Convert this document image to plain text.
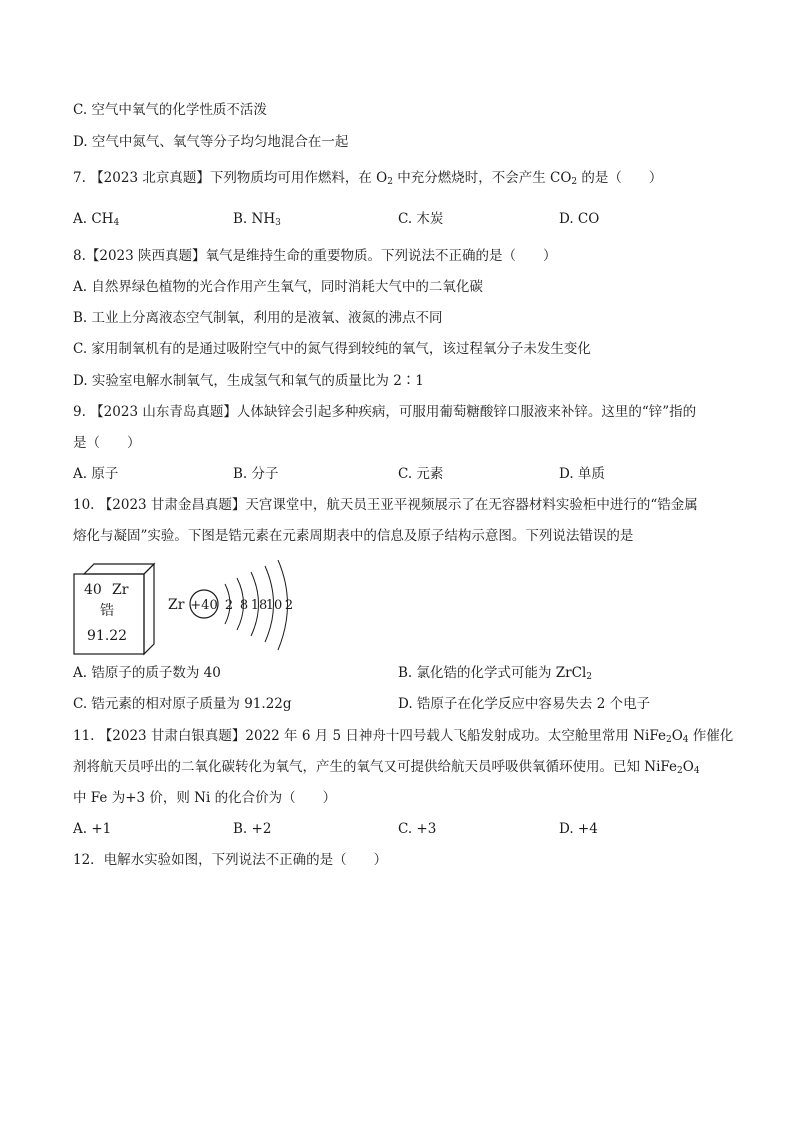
C. 空气中氧气的化学性质不活泼
D. 空气中氮气、氧气等分子均匀地混合在一起
7. 【2023 北京真题】下列物质均可用作燃料，在 $O_2$ 中充分燃烧时，不会产生 $CO_2$ 的是（　　）
A. $CH_4$	B. $NH_3$	C. 木炭	D. CO
8.【2023 陕西真题】氧气是维持生命的重要物质。下列说法不正确的是（　　）
A. 自然界绿色植物的光合作用产生氧气，同时消耗大气中的二氧化碳
B. 工业上分离液态空气制氧，利用的是液氧、液氮的沸点不同
C. 家用制氧机有的是通过吸附空气中的氮气得到较纯的氧气，该过程氧分子未发生变化
D. 实验室电解水制氧气，生成氢气和氧气的质量比为 2∶1
9. 【2023 山东青岛真题】人体缺锌会引起多种疾病，可服用葡萄糖酸锌口服液来补锌。这里的“锌”指的
是（　　）
A. 原子	B. 分子	C. 元素	D. 单质
10. 【2023 甘肃金昌真题】天宫课堂中，航天员王亚平视频展示了在无容器材料实验柜中进行的“锆金属
熔化与凝固”实验。下图是锆元素在元素周期表中的信息及原子结构示意图。下列说法错误的是
40 Zr
锆
91.22
Zr +40 2 8 18
10 2
A. 锆原子的质子数为 40	B. 氯化锆的化学式可能为 ZrCl$_2$
C. 锆元素的相对原子质量为 91.22g	D. 锆原子在化学反应中容易失去 2 个电子
11. 【2023 甘肃白银真题】2022 年 6 月 5 日神舟十四号载人飞船发射成功。太空舱里常用 $NiFe_2O_4$ 作催化
剂将航天员呼出的二氧化碳转化为氧气，产生的氧气又可提供给航天员呼吸供氧循环使用。已知 $NiFe_2O_4$
中 Fe 为+3 价，则 Ni 的化合价为（　　）
A. +1	B. +2	C. +3	D. +4
12．电解水实验如图，下列说法不正确的是（　　）
